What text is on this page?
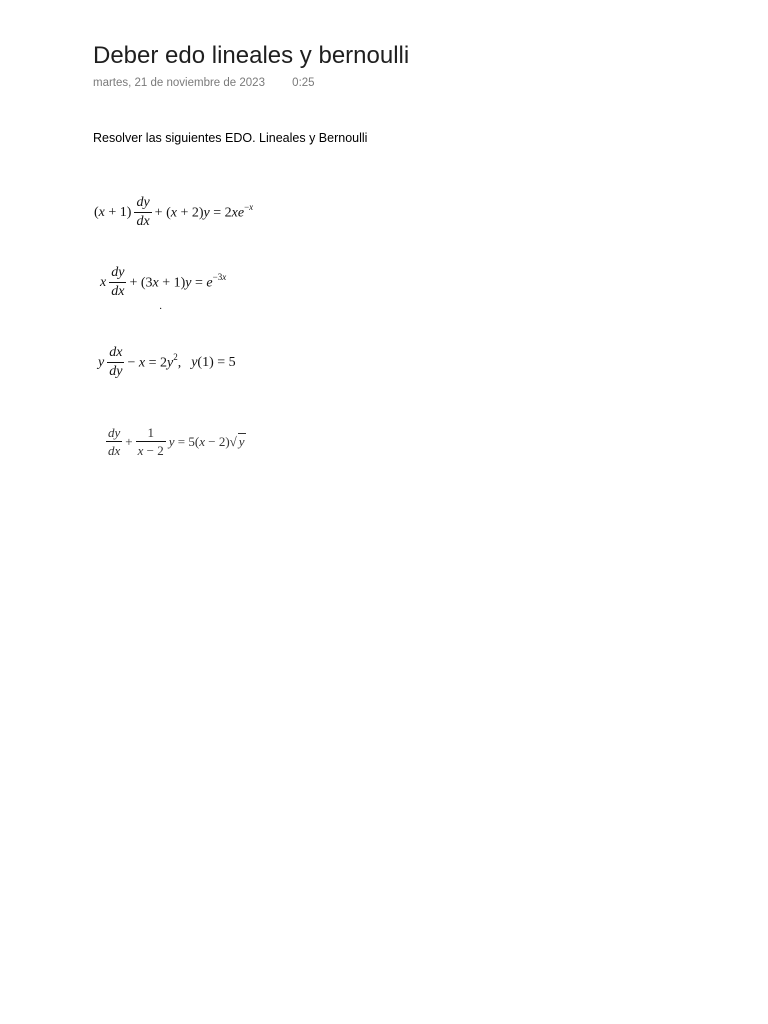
Deber edo lineales y bernoulli
martes, 21 de noviembre de 2023 0:25
Resolver las siguientes EDO. Lineales y Bernoulli
$(x + 1) \frac{dy}{dx} + (x + 2)y = 2xe^{-x}$
x $\frac{dy}{dx} + (3x + 1)y = e^{-3x}$
·
y $\frac{dx}{dy} - x = 2y^2$, y(1) = 5
$\frac{dy}{dx} + \frac{1}{x - 2}$ y = 5(x − 2)√ y
